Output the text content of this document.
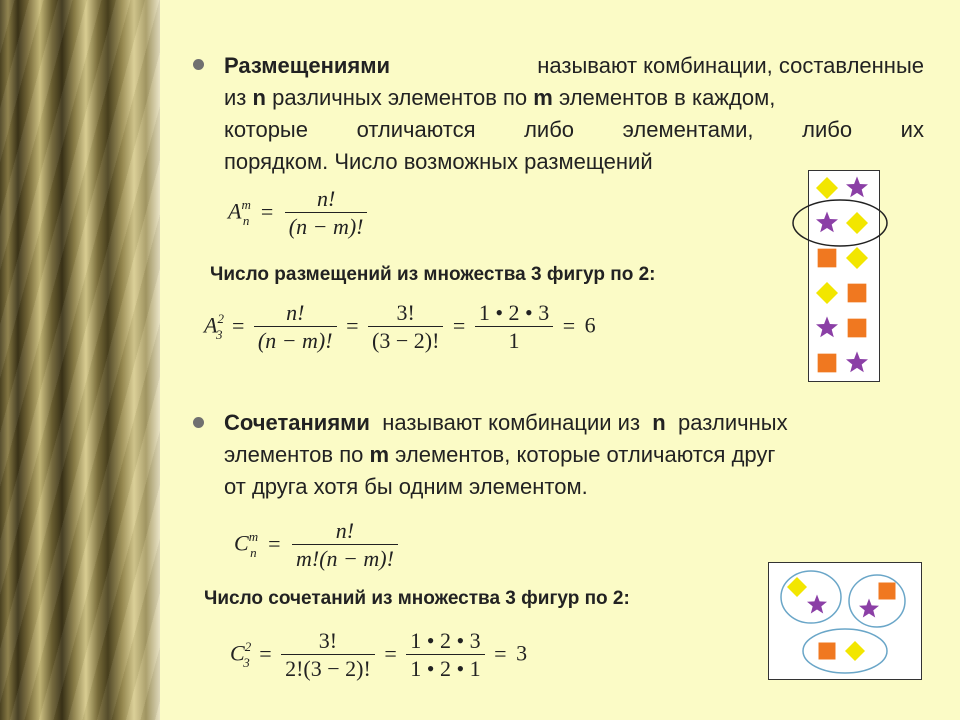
Размещениями	называют комбинации, составленные
из n различных элементов по m элементов в каждом,
которые отличаются либо элементами, либо их
порядком. Число возможных размещений
$A^m_n = \frac{n!}{(n - m)!}$
Число размещений из множества 3 фигур по 2:
$A^2_3 = \frac{n!}{(n - m)!} = \frac{3!}{(3 - 2)!} = \frac{1 • 2 • 3}{1} = 6$
Сочетаниями называют комбинации из n различных
элементов по m элементов, которые отличаются друг
от друга хотя бы одним элементом.
$C^m_n = \frac{n!}{m!(n - m)!}$
Число сочетаний из множества 3 фигур по 2:
$C^2_3 = \frac{3!}{2!(3 - 2)!} = \frac{1 • 2 • 3}{1 • 2 • 1} = 3$
